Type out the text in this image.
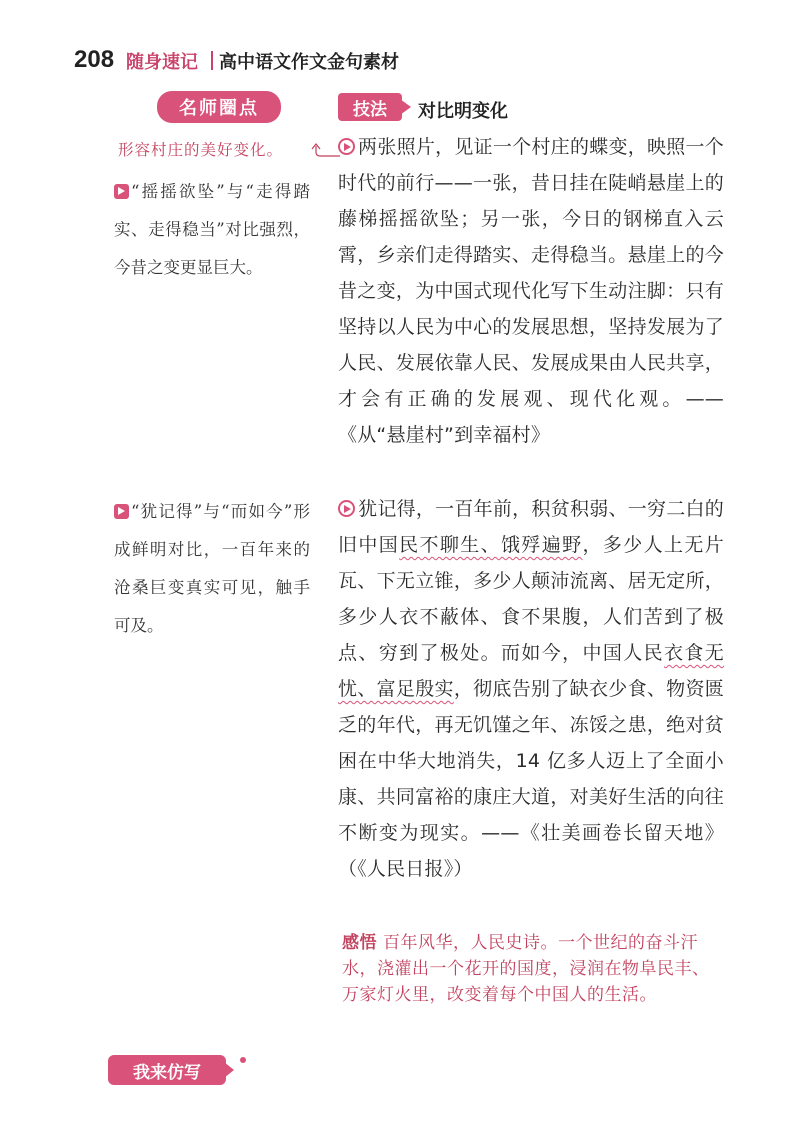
208 随身速记 高中语文作文金句素材
名师圈点	技法	对比明变化
形容村庄的美好变化。
“摇摇欲坠”与“走得踏实、走得稳当”对比强烈，今昔之变更显巨大。
“犹记得”与“而如今”形成鲜明对比，一百年来的沧桑巨变真实可见，触手可及。
两张照片，见证一个村庄的蝶变，映照一个时代的前行——一张，昔日挂在陡峭悬崖上的藤梯摇摇欲坠；另一张，今日的钢梯直入云霄，乡亲们走得踏实、走得稳当。悬崖上的今昔之变，为中国式现代化写下生动注脚：只有坚持以人民为中心的发展思想，坚持发展为了人民、发展依靠人民、发展成果由人民共享，才会有正确的发展观、现代化观。——《从“悬崖村”到幸福村》
犹记得，一百年前，积贫积弱、一穷二白的旧中国民不聊生、饿殍遍野，多少人上无片瓦、下无立锥，多少人颠沛流离、居无定所，多少人衣不蔽体、食不果腹，人们苦到了极点、穷到了极处。而如今，中国人民衣食无忧、富足殷实，彻底告别了缺衣少食、物资匮乏的年代，再无饥馑之年、冻馁之患，绝对贫困在中华大地消失，14 亿多人迈上了全面小康、共同富裕的康庄大道，对美好生活的向往不断变为现实。——《壮美画卷长留天地》（《人民日报》）
感悟 百年风华，人民史诗。一个世纪的奋斗汗水，浇灌出一个花开的国度，浸润在物阜民丰、万家灯火里，改变着每个中国人的生活。
我来仿写
